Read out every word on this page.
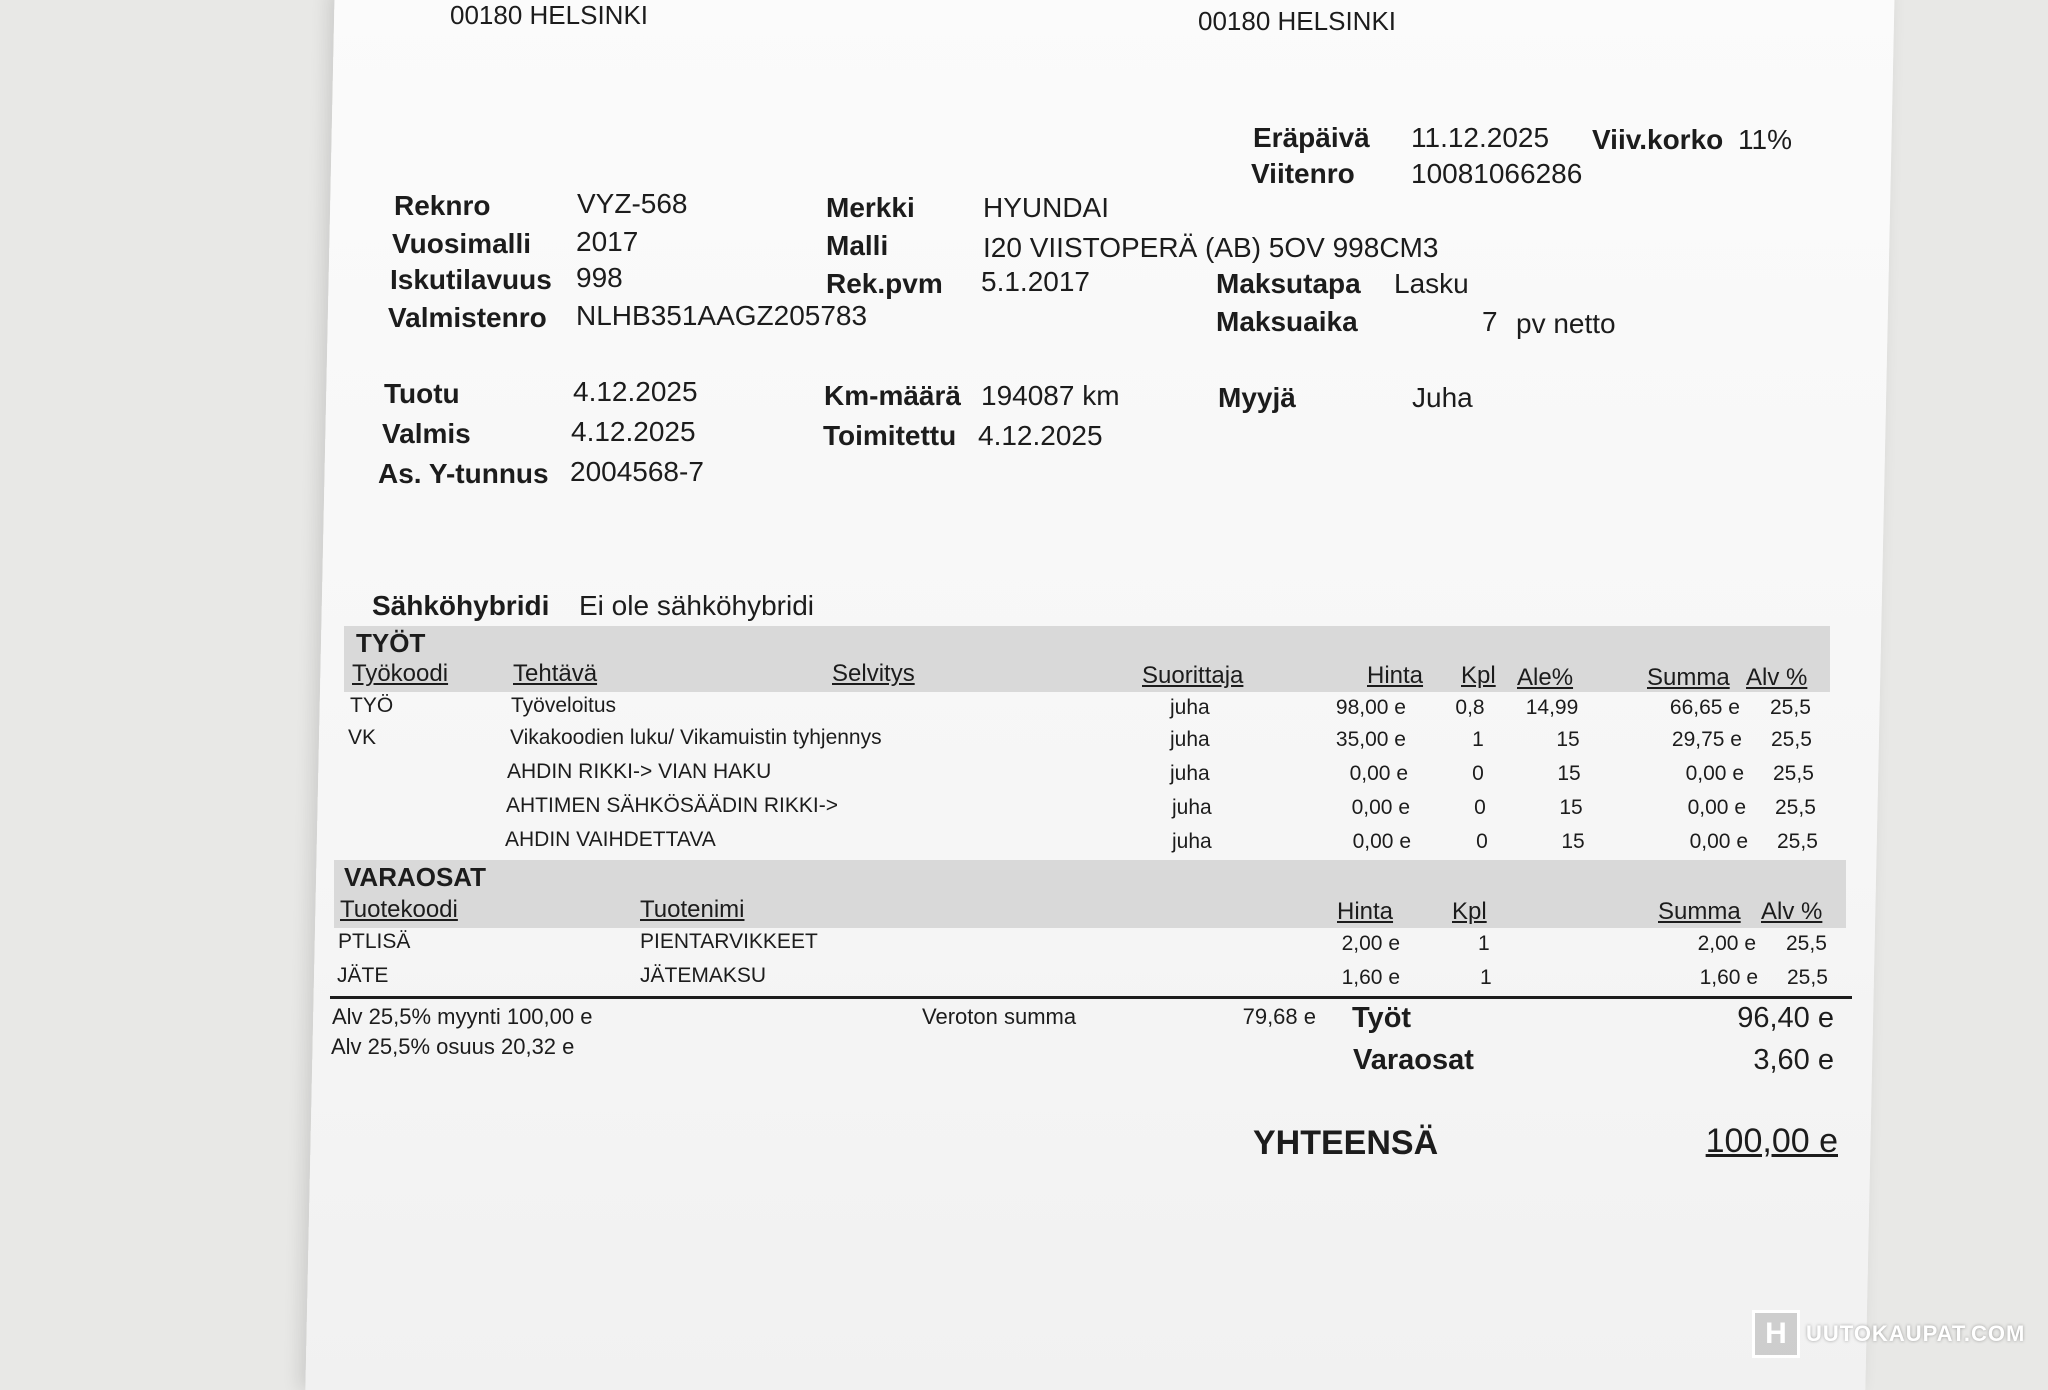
00180 HELSINKI	00180 HELSINKI
Eräpäivä 11.12.2025 Viiv.korko 11%
Viitenro 10081066286
Reknro	VYZ-568	Merkki HYUNDAI
Vuosimalli 2017	Malli	I20 VIISTOPERÄ (AB) 5OV 998CM3
Iskutilavuus 998	Rek.pvm 5.1.2017	Maksutapa Lasku
Valmistenro NLHB351AAGZ205783	Maksuaika	7 pv netto
Tuotu	4.12.2025	Km-määrä 194087 km	Myyjä	Juha
Valmis	4.12.2025	Toimitettu 4.12.2025
As. Y-tunnus 2004568-7
Sähköhybridi Ei ole sähköhybridi
TYÖT
Työkoodi	Tehtävä	Selvitys	Suorittaja	Hinta Kpl Ale%	Summa Alv %
TYÖ	Työveloitus	juha	98,00 e	0,8	14,99	66,65 e 25,5
VK	Vikakoodien luku/ Vikamuistin tyhjennys	juha	35,00 e	1	15	29,75 e 25,5
AHDIN RIKKI-> VIAN HAKU	juha	0,00 e	0	15	0,00 e 25,5
AHTIMEN SÄHKÖSÄÄDIN RIKKI->	juha	0,00 e	0	15	0,00 e 25,5
AHDIN VAIHDETTAVA	juha	0,00 e	0	15	0,00 e 25,5
VARAOSAT
Tuotekoodi	Tuotenimi	Hinta Kpl	Summa Alv %
PTLISÄ	PIENTARVIKKEET	2,00 e	1	2,00 e 25,5
JÄTE	JÄTEMAKSU	1,60 e	1	1,60 e 25,5
Alv 25,5% myynti 100,00 e
Alv 25,5% osuus 20,32 e
Veroton summa	79,68 e Työt	96,40 e
Varaosat	3,60 e
YHTEENSÄ	100,00 e
H UUTOKAUPAT.COM
